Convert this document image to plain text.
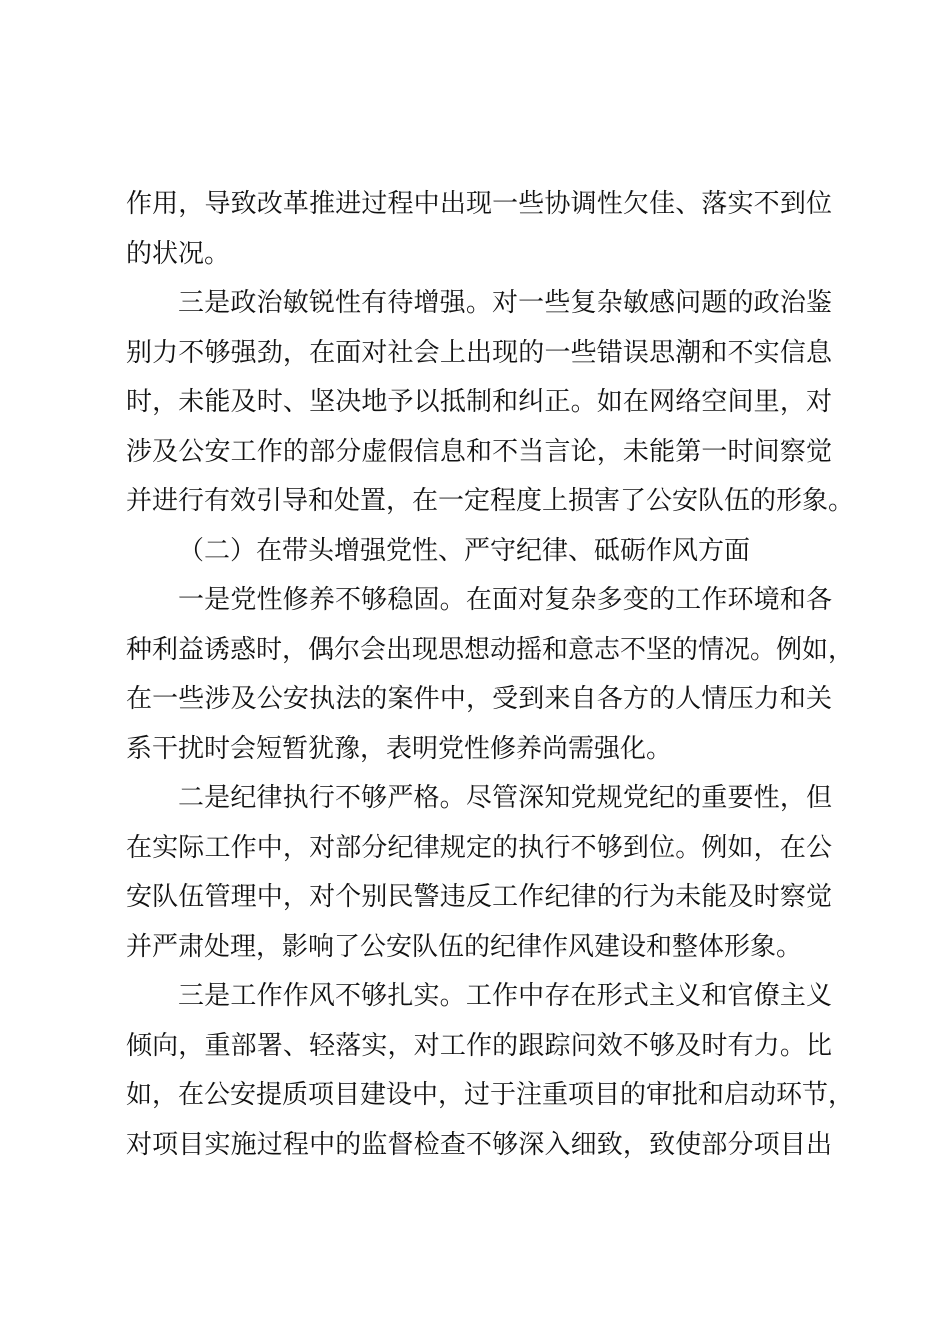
作用，导致改革推进过程中出现一些协调性欠佳、落实不到位
的状况。
三是政治敏锐性有待增强。对一些复杂敏感问题的政治鉴
别力不够强劲，在面对社会上出现的一些错误思潮和不实信息
时，未能及时、坚决地予以抵制和纠正。如在网络空间里，对
涉及公安工作的部分虚假信息和不当言论，未能第一时间察觉
并进行有效引导和处置，在一定程度上损害了公安队伍的形象。
（二）在带头增强党性、严守纪律、砥砺作风方面
一是党性修养不够稳固。在面对复杂多变的工作环境和各
种利益诱惑时，偶尔会出现思想动摇和意志不坚的情况。例如，
在一些涉及公安执法的案件中，受到来自各方的人情压力和关
系干扰时会短暂犹豫，表明党性修养尚需强化。
二是纪律执行不够严格。尽管深知党规党纪的重要性，但
在实际工作中，对部分纪律规定的执行不够到位。例如，在公
安队伍管理中，对个别民警违反工作纪律的行为未能及时察觉
并严肃处理，影响了公安队伍的纪律作风建设和整体形象。
三是工作作风不够扎实。工作中存在形式主义和官僚主义
倾向，重部署、轻落实，对工作的跟踪问效不够及时有力。比
如，在公安提质项目建设中，过于注重项目的审批和启动环节，
对项目实施过程中的监督检查不够深入细致，致使部分项目出
